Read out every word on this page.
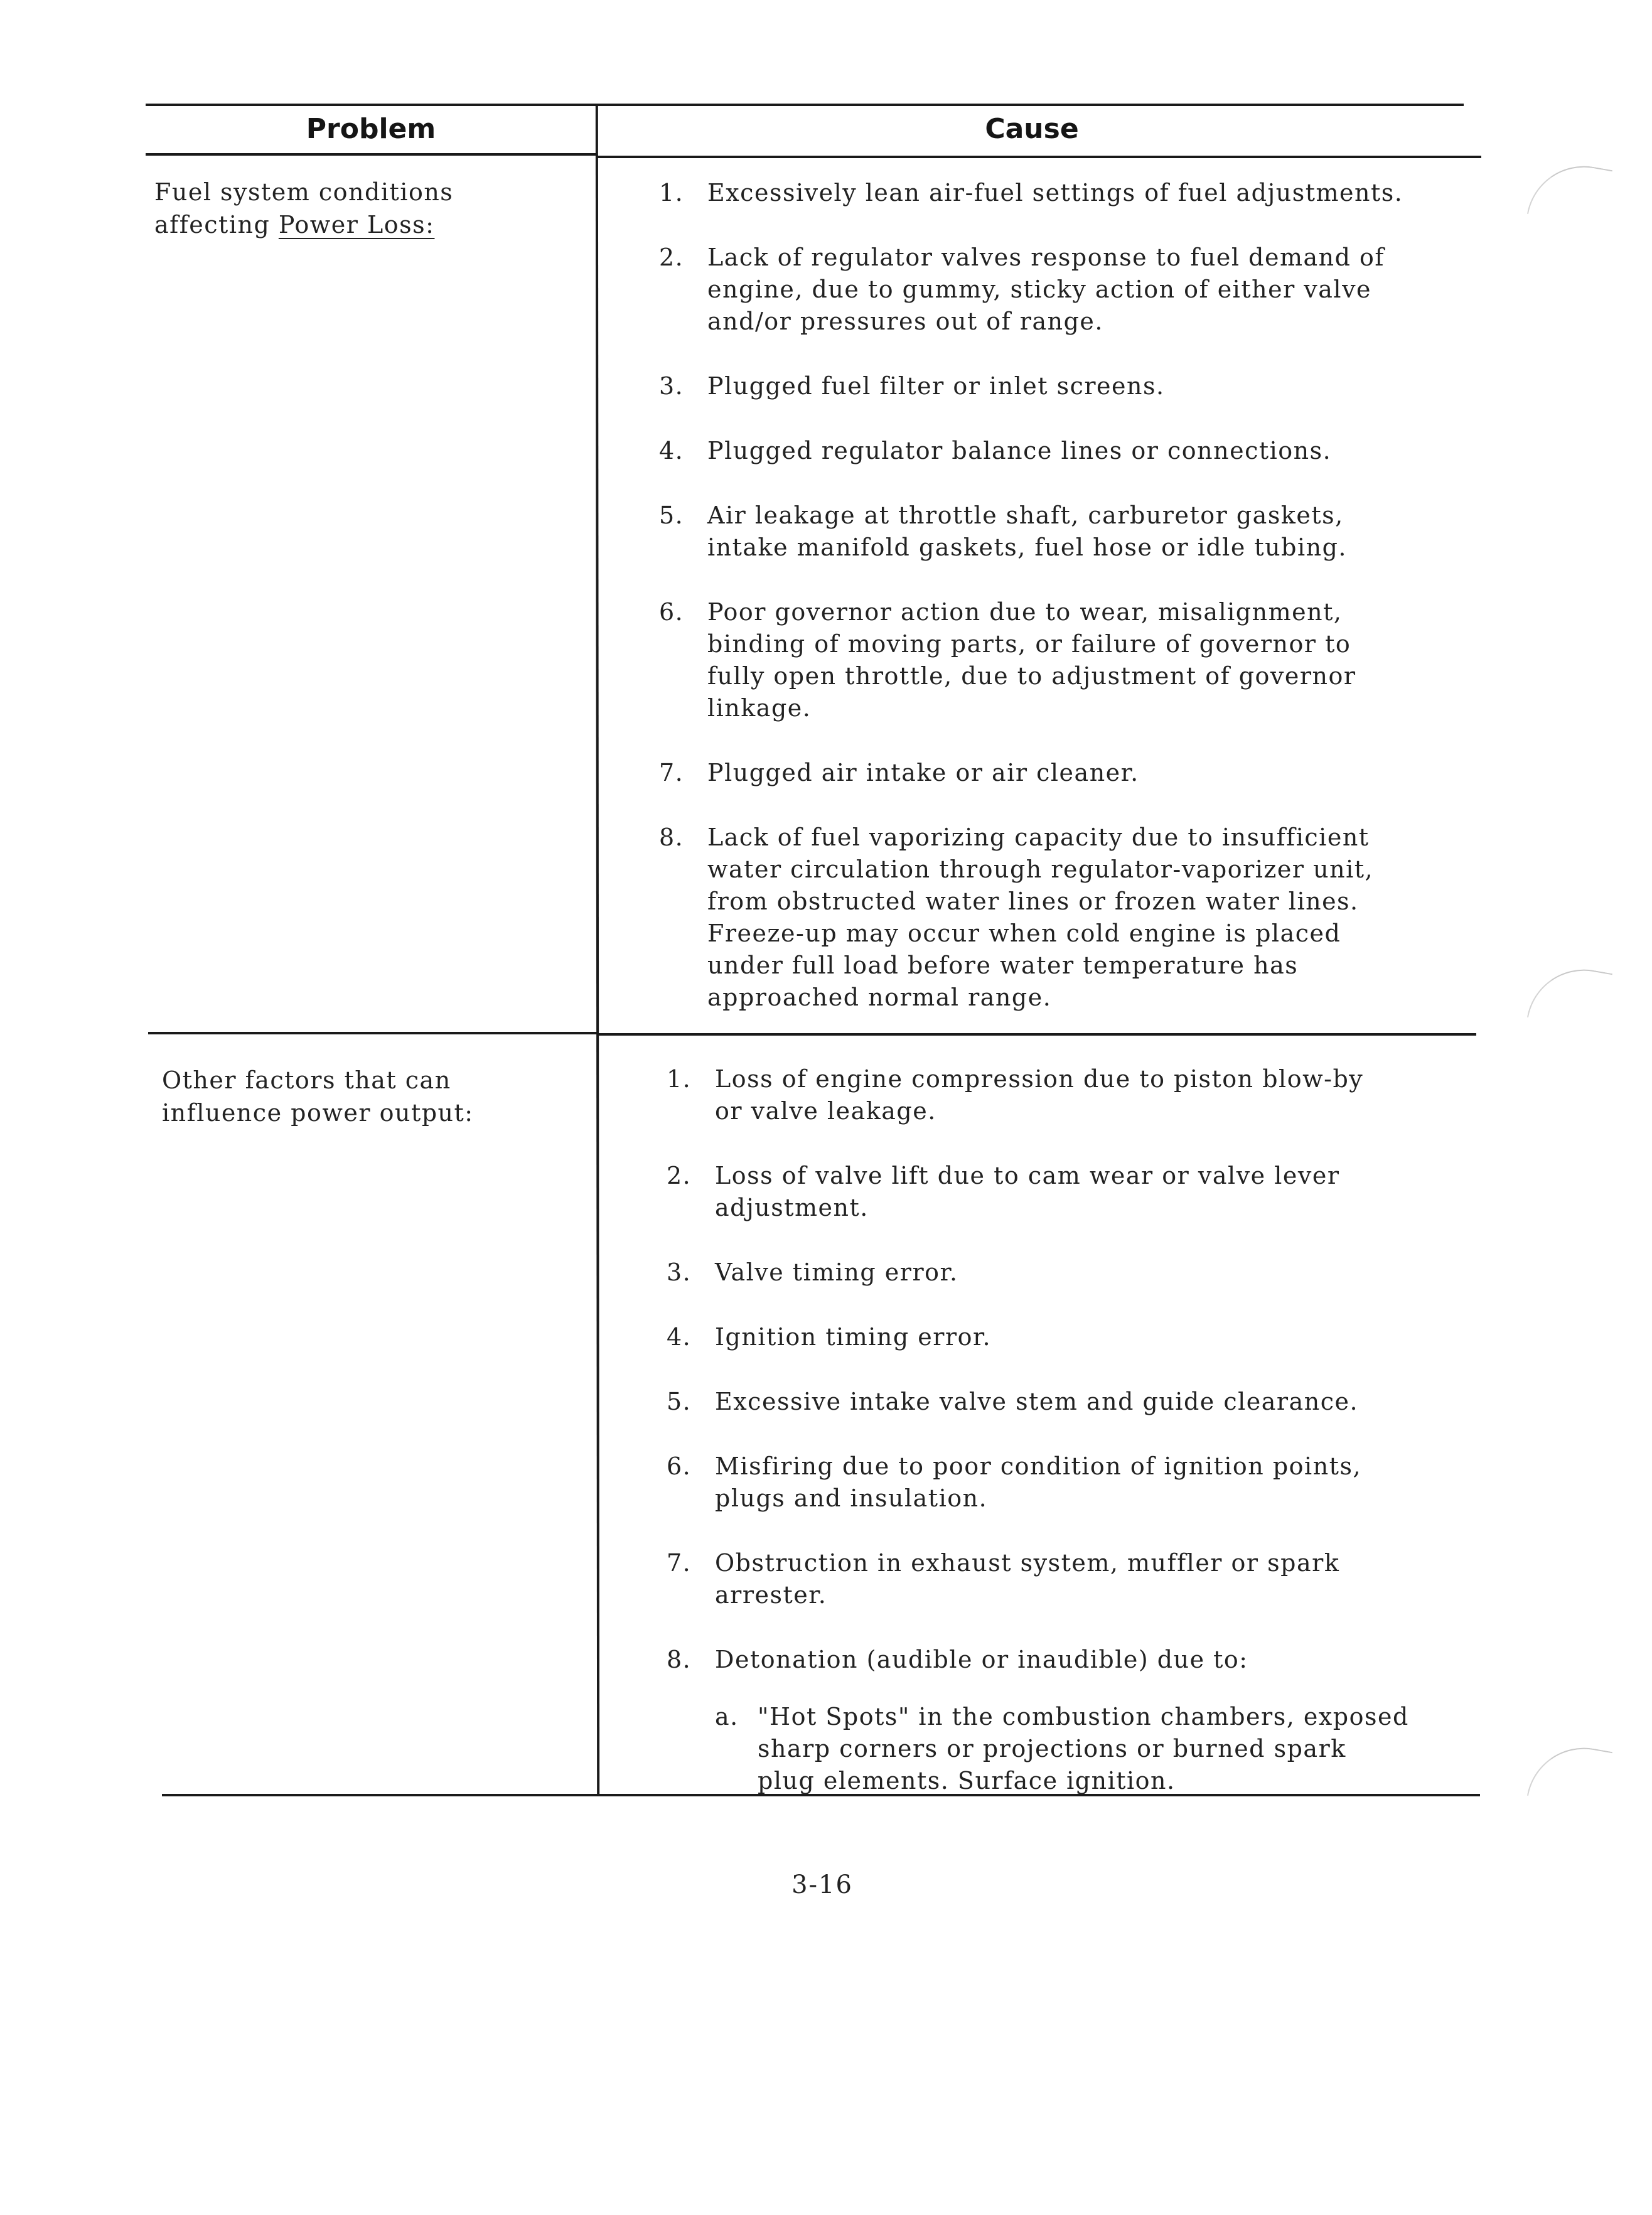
Problem	Cause
Fuel system conditions
affecting Power Loss:
1. Excessively lean air-fuel settings of fuel adjustments.
2. Lack of regulator valves response to fuel demand of
engine, due to gummy, sticky action of either valve
and/or pressures out of range.
3. Plugged fuel filter or inlet screens.
4. Plugged regulator balance lines or connections.
5. Air leakage at throttle shaft, carburetor gaskets,
intake manifold gaskets, fuel hose or idle tubing.
6. Poor governor action due to wear, misalignment,
binding of moving parts, or failure of governor to
fully open throttle, due to adjustment of governor
linkage.
7. Plugged air intake or air cleaner.
8. Lack of fuel vaporizing capacity due to insufficient
water circulation through regulator-vaporizer unit,
from obstructed water lines or frozen water lines.
Freeze-up may occur when cold engine is placed
under full load before water temperature has
approached normal range.
Other factors that can
influence power output:
1. Loss of engine compression due to piston blow-by
or valve leakage.
2. Loss of valve lift due to cam wear or valve lever
adjustment.
3. Valve timing error.
4. Ignition timing error.
5. Excessive intake valve stem and guide clearance.
6. Misfiring due to poor condition of ignition points,
plugs and insulation.
7. Obstruction in exhaust system, muffler or spark
arrester.
8. Detonation (audible or inaudible) due to:
a. "Hot Spots" in the combustion chambers, exposed
sharp corners or projections or burned spark
plug elements. Surface ignition.
3-16
